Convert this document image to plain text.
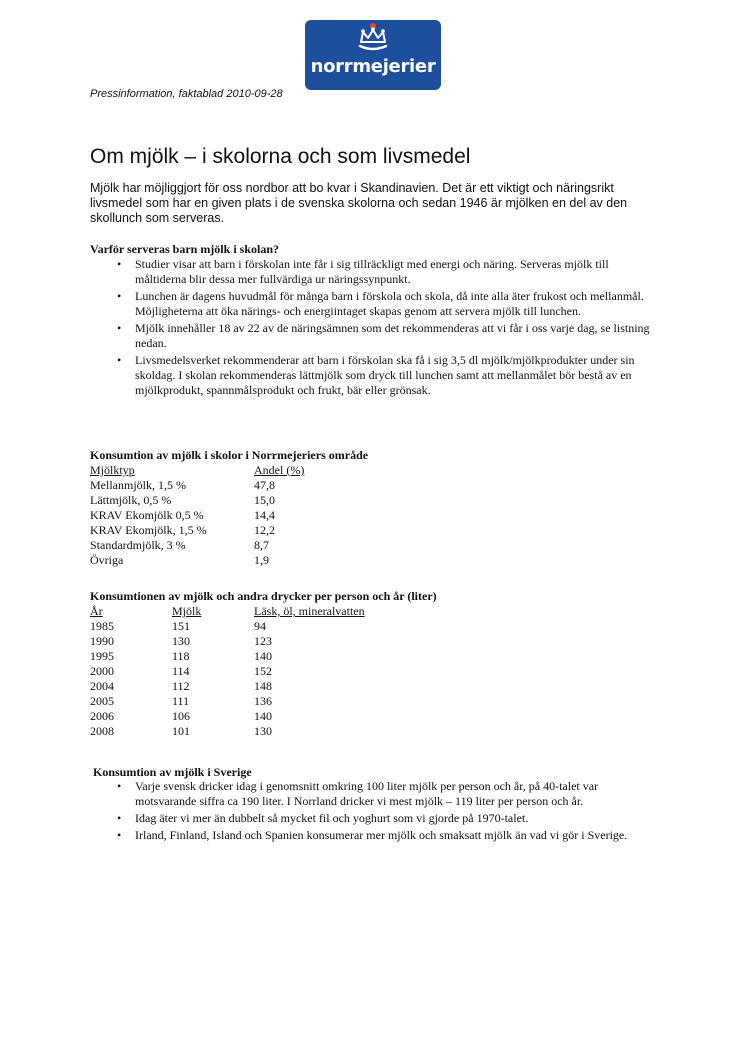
norrmejerier
Pressinformation, faktablad 2010-09-28
Om mjölk – i skolorna och som livsmedel
Mjölk har möjliggjort för oss nordbor att bo kvar i Skandinavien. Det är ett viktigt och näringsrikt livsmedel som har en given plats i de svenska skolorna och sedan 1946 är mjölken en del av den skollunch som serveras.
Varför serveras barn mjölk i skolan?
• Studier visar att barn i förskolan inte får i sig tillräckligt med energi och näring. Serveras mjölk till måltiderna blir dessa mer fullvärdiga ur näringssynpunkt.
• Lunchen är dagens huvudmål för många barn i förskola och skola, då inte alla äter frukost och mellanmål. Möjligheterna att öka närings- och energiintaget skapas genom att servera mjölk till lunchen.
• Mjölk innehåller 18 av 22 av de näringsämnen som det rekommenderas att vi får i oss varje dag, se listning nedan.
• Livsmedelsverket rekommenderar att barn i förskolan ska få i sig 3,5 dl mjölk/mjölkprodukter under sin skoldag. I skolan rekommenderas lättmjölk som dryck till lunchen samt att mellanmålet bör bestå av en mjölkprodukt, spannmålsprodukt och frukt, bär eller grönsak.
Konsumtion av mjölk i skolor i Norrmejeriers område
Mjölktyp	Andel (%)
Mellanmjölk, 1,5 %	47,8
Lättmjölk, 0,5 %	15,0
KRAV Ekomjölk 0,5 %	14,4
KRAV Ekomjölk, 1,5 %	12,2
Standardmjölk, 3 %	8,7
Övriga	1,9
Konsumtionen av mjölk och andra drycker per person och år (liter)
År	Mjölk	Läsk, öl, mineralvatten
1985	151	94
1990	130	123
1995	118	140
2000	114	152
2004	112	148
2005	111	136
2006	106	140
2008	101	130
Konsumtion av mjölk i Sverige
• Varje svensk dricker idag i genomsnitt omkring 100 liter mjölk per person och år, på 40-talet var motsvarande siffra ca 190 liter. I Norrland dricker vi mest mjölk – 119 liter per person och år.
• Idag äter vi mer än dubbelt så mycket fil och yoghurt som vi gjorde på 1970-talet.
• Irland, Finland, Island och Spanien konsumerar mer mjölk och smaksatt mjölk än vad vi gör i Sverige.
